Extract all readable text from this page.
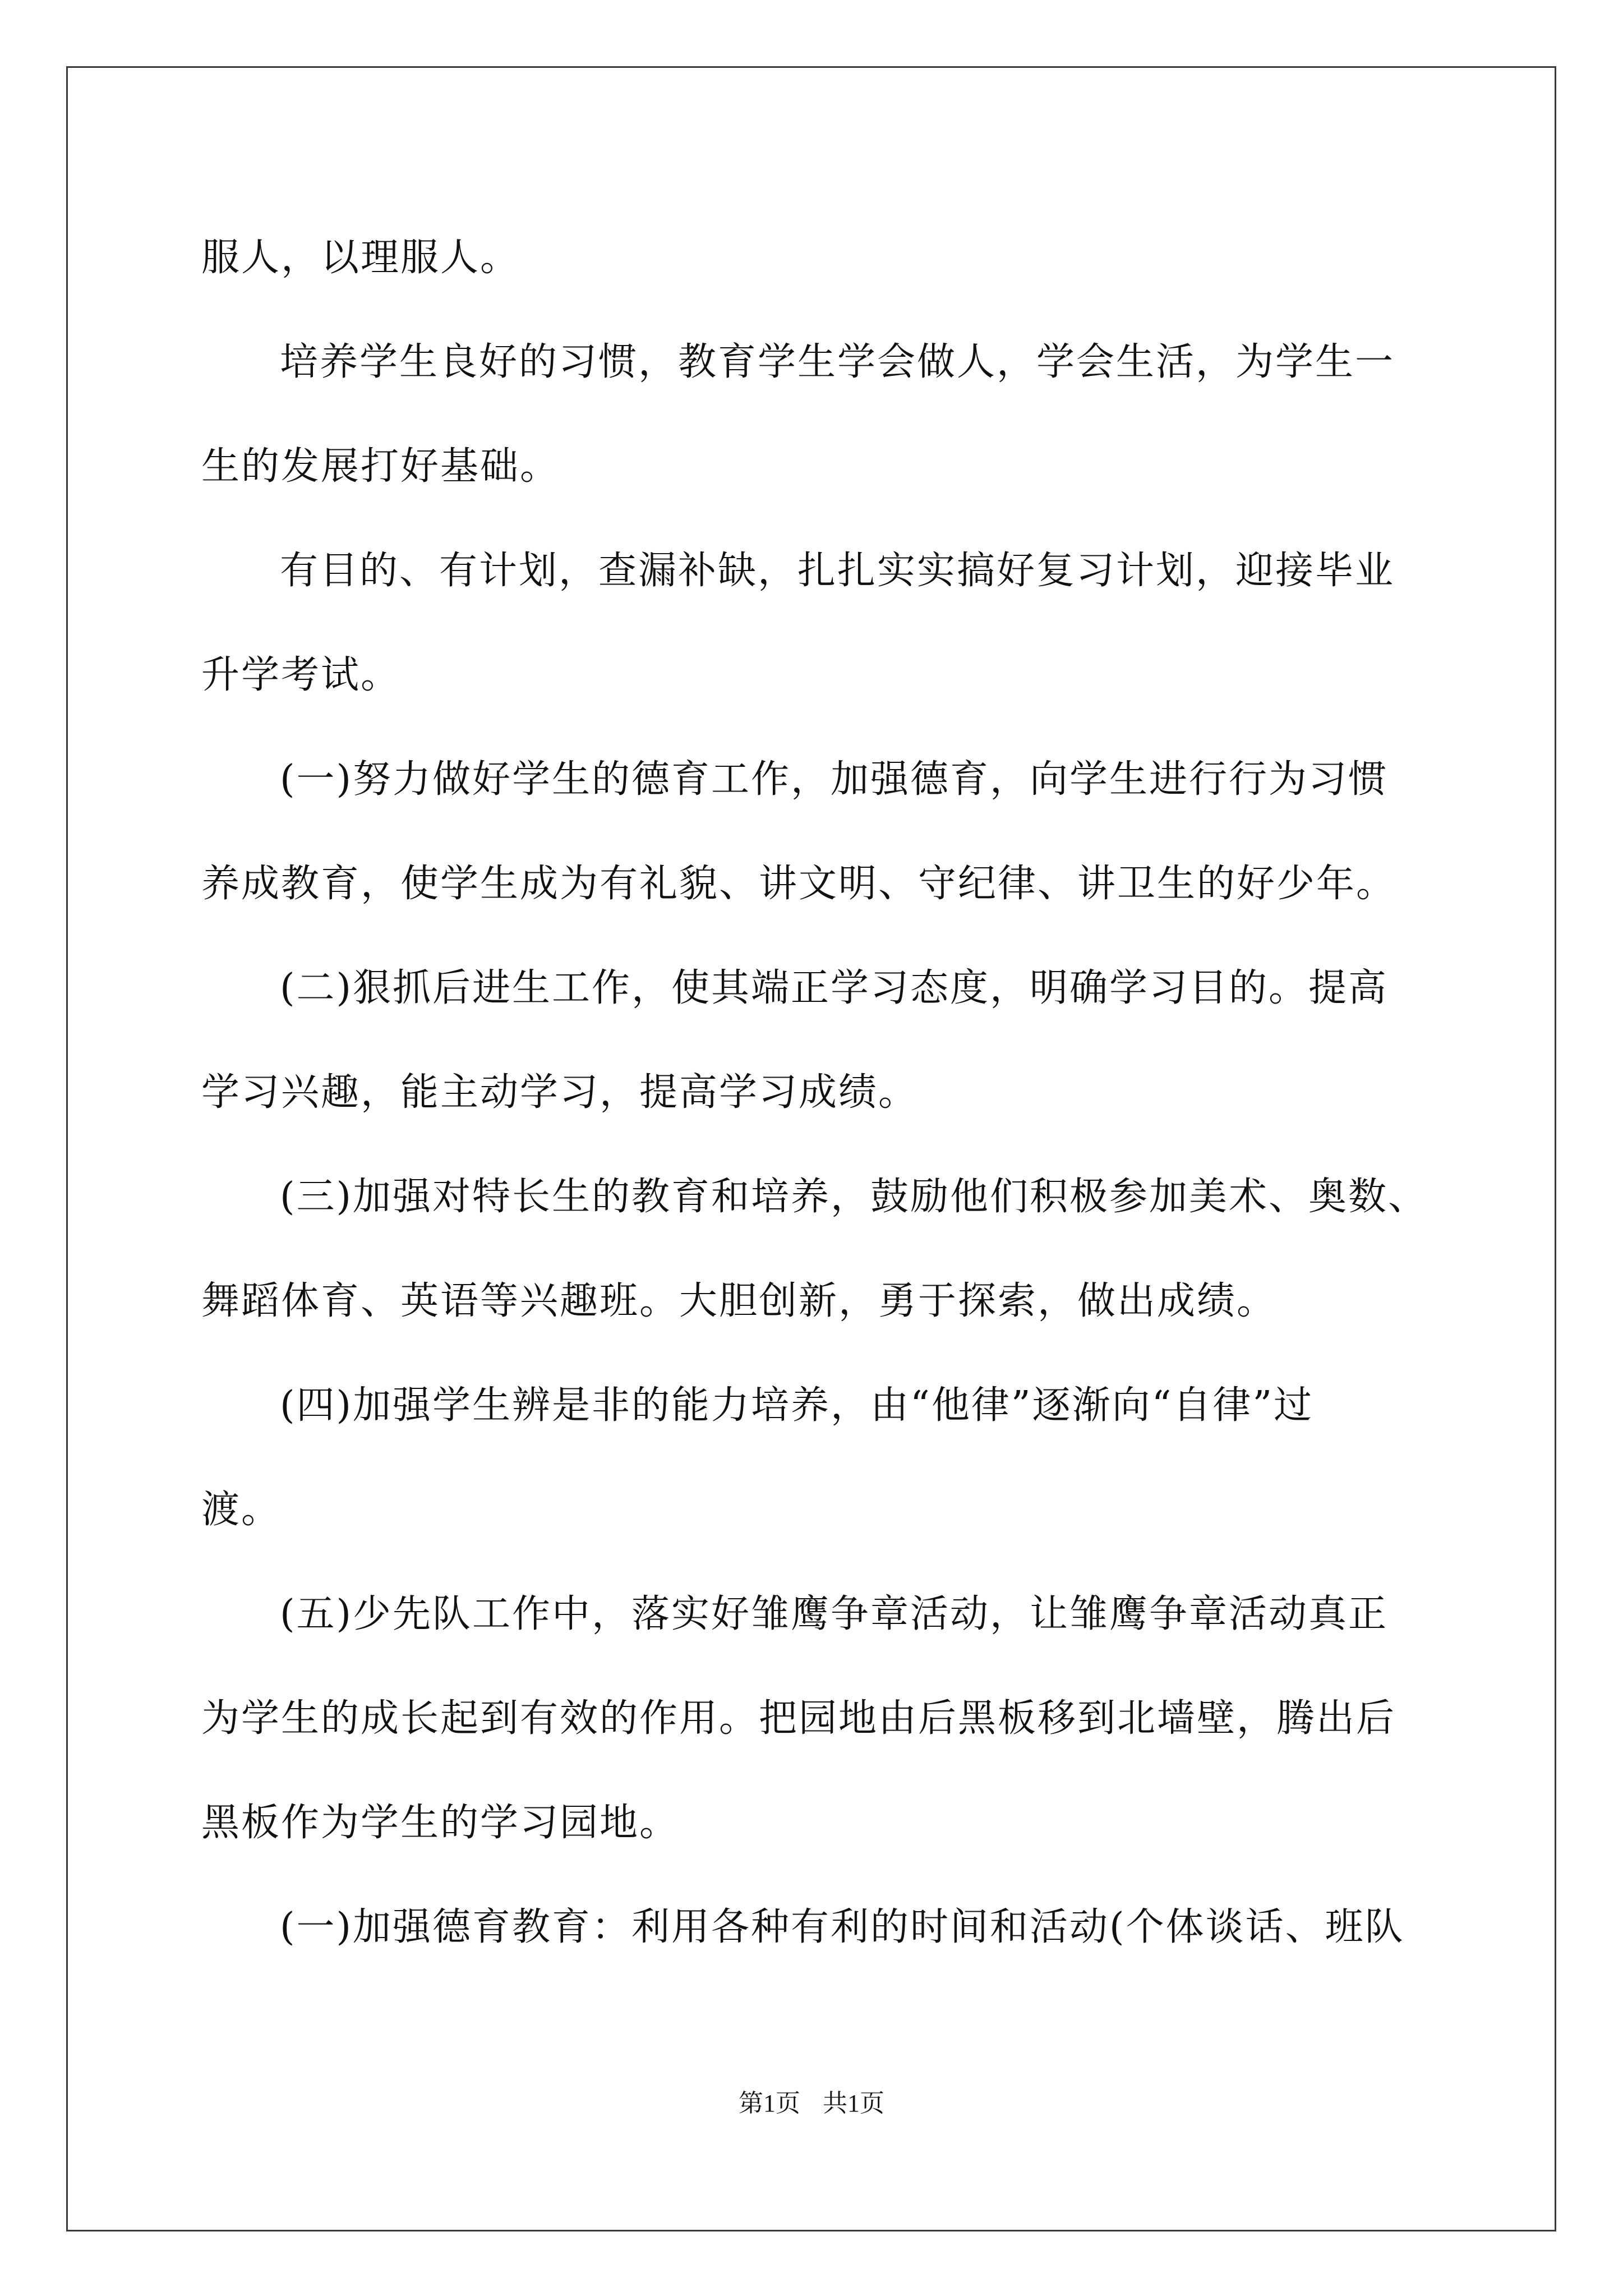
服人，以理服人。
培养学生良好的习惯，教育学生学会做人，学会生活，为学生一
生的发展打好基础。
有目的、有计划，查漏补缺，扎扎实实搞好复习计划，迎接毕业
升学考试。
(一)努力做好学生的德育工作，加强德育，向学生进行行为习惯
养成教育，使学生成为有礼貌、讲文明、守纪律、讲卫生的好少年。
(二)狠抓后进生工作，使其端正学习态度，明确学习目的。提高
学习兴趣，能主动学习，提高学习成绩。
(三)加强对特长生的教育和培养，鼓励他们积极参加美术、奥数、
舞蹈体育、英语等兴趣班。大胆创新，勇于探索，做出成绩。
(四)加强学生辨是非的能力培养，由“他律”逐渐向“自律”过
渡。
(五)少先队工作中，落实好雏鹰争章活动，让雏鹰争章活动真正
为学生的成长起到有效的作用。把园地由后黑板移到北墙壁，腾出后
黑板作为学生的学习园地。
(一)加强德育教育：利用各种有利的时间和活动(个体谈话、班队
第1页 共1页
